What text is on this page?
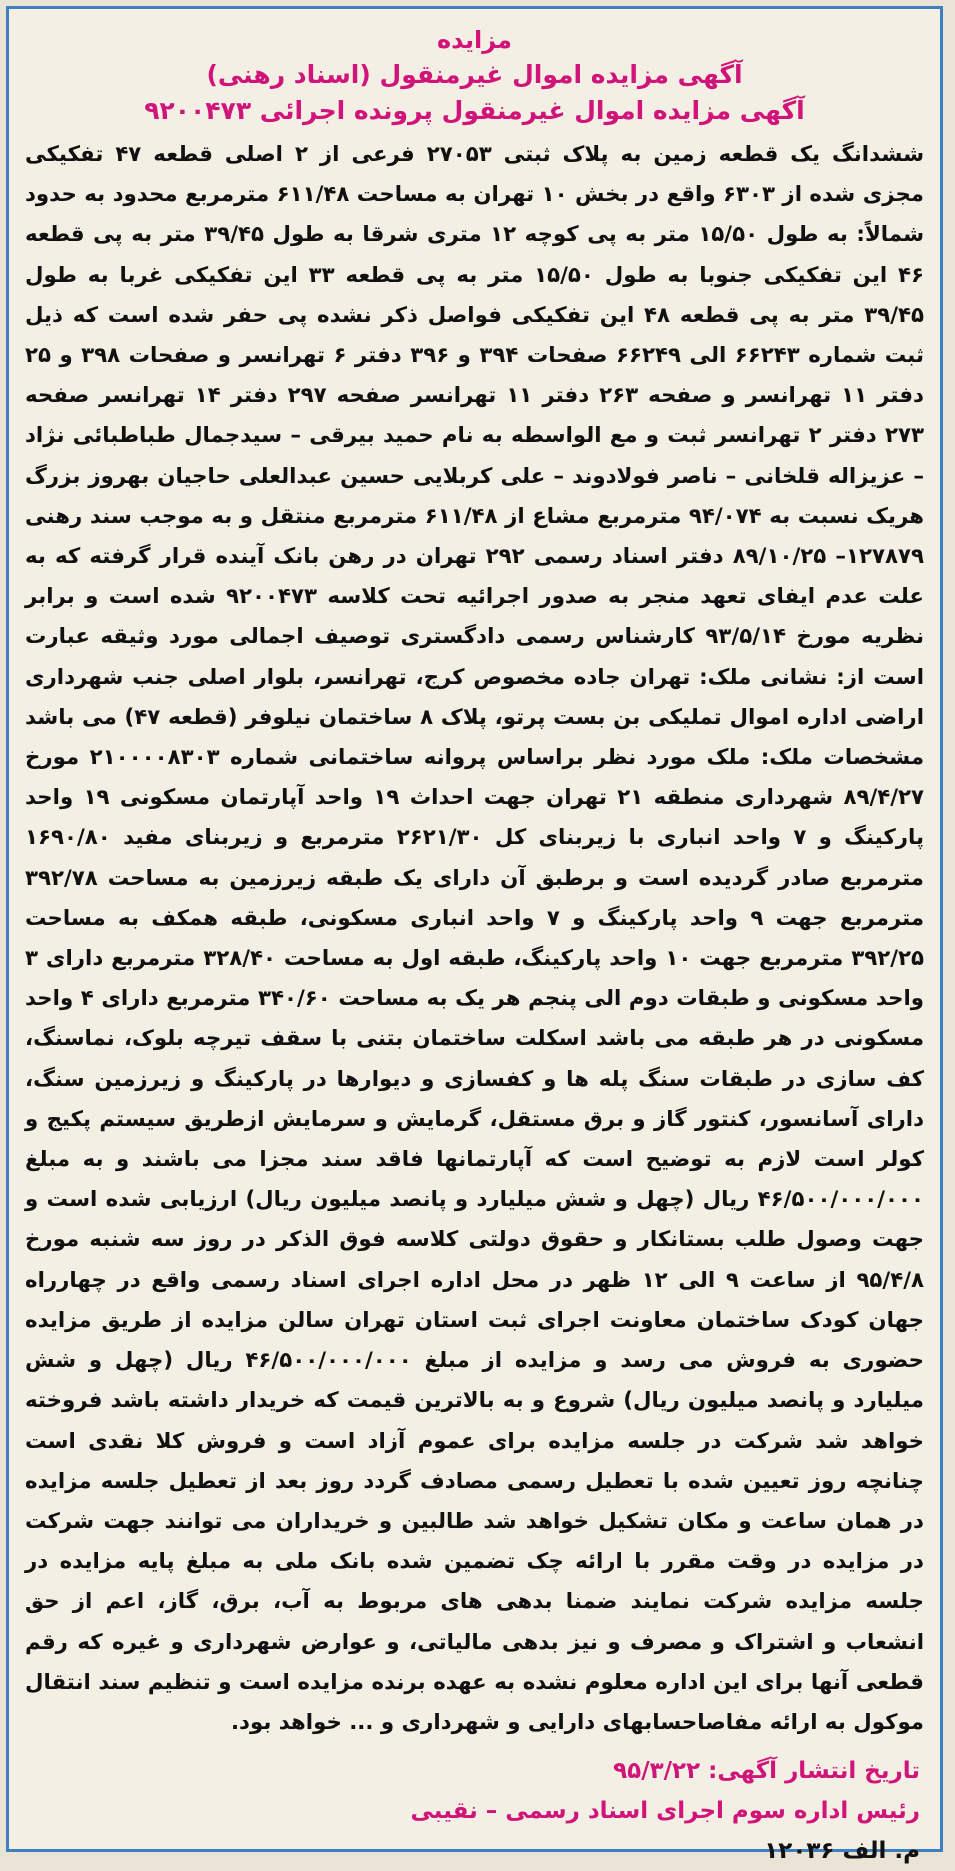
مزایده
آگهی مزایده اموال غیرمنقول (اسناد رهنی)
آگهی مزایده اموال غیرمنقول پرونده اجرائی ۹۲۰۰۴۷۳
ششدانگ یک قطعه زمین به پلاک ثبتی ۲۷۰۵۳ فرعی از ۲ اصلی قطعه ۴۷ تفکیکی مجزی شده از ۶۳۰۳ واقع در بخش ۱۰ تهران به مساحت ۶۱۱/۴۸ مترمربع محدود به حدود شمالاً: به طول ۱۵/۵۰ متر به پی کوچه ۱۲ متری شرقا به طول ۳۹/۴۵ متر به پی قطعه ۴۶ این تفکیکی جنوبا به طول ۱۵/۵۰ متر به پی قطعه ۳۳ این تفکیکی غربا به طول ۳۹/۴۵ متر به پی قطعه ۴۸ این تفکیکی فواصل ذکر نشده پی حفر شده است که ذیل ثبت شماره ۶۶۲۴۳ الی ۶۶۲۴۹ صفحات ۳۹۴ و ۳۹۶ دفتر ۶ تهرانسر و صفحات ۳۹۸ و ۲۵ دفتر ۱۱ تهرانسر و صفحه ۲۶۳ دفتر ۱۱ تهرانسر صفحه ۲۹۷ دفتر ۱۴ تهرانسر صفحه ۲۷۳ دفتر ۲ تهرانسر ثبت و مع الواسطه به نام حمید بیرقی – سیدجمال طباطبائی نژاد – عزیزاله قلخانی – ناصر فولادوند – علی کربلایی حسین عبدالعلی حاجیان بهروز بزرگ هریک نسبت به ۹۴/۰۷۴ مترمربع مشاع از ۶۱۱/۴۸ مترمربع منتقل و به موجب سند رهنی ۱۲۷۸۷۹– ۸۹/۱۰/۲۵ دفتر اسناد رسمی ۲۹۲ تهران در رهن بانک آینده قرار گرفته که به علت عدم ایفای تعهد منجر به صدور اجرائیه تحت کلاسه ۹۲۰۰۴۷۳ شده است و برابر نظریه مورخ ۹۳/۵/۱۴ کارشناس رسمی دادگستری توصیف اجمالی مورد وثیقه عبارت است از: نشانی ملک: تهران جاده مخصوص کرج، تهرانسر، بلوار اصلی جنب شهرداری اراضی اداره اموال تملیکی بن بست پرتو، پلاک ۸ ساختمان نیلوفر (قطعه ۴۷) می باشد مشخصات ملک: ملک مورد نظر براساس پروانه ساختمانی شماره ۲۱۰۰۰۰۸۳۰۳ مورخ ۸۹/۴/۲۷ شهرداری منطقه ۲۱ تهران جهت احداث ۱۹ واحد آپارتمان مسکونی ۱۹ واحد پارکینگ و ۷ واحد انباری با زیربنای کل ۲۶۲۱/۳۰ مترمربع و زیربنای مفید ۱۶۹۰/۸۰ مترمربع صادر گردیده است و برطبق آن دارای یک طبقه زیرزمین به مساحت ۳۹۲/۷۸ مترمربع جهت ۹ واحد پارکینگ و ۷ واحد انباری مسکونی، طبقه همکف به مساحت ۳۹۲/۲۵ مترمربع جهت ۱۰ واحد پارکینگ، طبقه اول به مساحت ۳۲۸/۴۰ مترمربع دارای ۳ واحد مسکونی و طبقات دوم الی پنجم هر یک به مساحت ۳۴۰/۶۰ مترمربع دارای ۴ واحد مسکونی در هر طبقه می باشد اسکلت ساختمان بتنی با سقف تیرچه بلوک، نماسنگ، کف سازی در طبقات سنگ پله ها و کفسازی و دیوارها در پارکینگ و زیرزمین سنگ، دارای آسانسور، کنتور گاز و برق مستقل، گرمایش و سرمایش ازطریق سیستم پکیج و کولر است لازم به توضیح است که آپارتمانها فاقد سند مجزا می باشند و به مبلغ ۴۶/۵۰۰/۰۰۰/۰۰۰ ریال (چهل و شش میلیارد و پانصد میلیون ریال) ارزیابی شده است و جهت وصول طلب بستانکار و حقوق دولتی کلاسه فوق الذکر در روز سه شنبه مورخ ۹۵/۴/۸ از ساعت ۹ الی ۱۲ ظهر در محل اداره اجرای اسناد رسمی واقع در چهارراه جهان کودک ساختمان معاونت اجرای ثبت استان تهران سالن مزایده از طریق مزایده حضوری به فروش می رسد و مزایده از مبلغ ۴۶/۵۰۰/۰۰۰/۰۰۰ ریال (چهل و شش میلیارد و پانصد میلیون ریال) شروع و به بالاترین قیمت که خریدار داشته باشد فروخته خواهد شد شرکت در جلسه مزایده برای عموم آزاد است و فروش کلا نقدی است چنانچه روز تعیین شده با تعطیل رسمی مصادف گردد روز بعد از تعطیل جلسه مزایده در همان ساعت و مکان تشکیل خواهد شد طالبین و خریداران می توانند جهت شرکت در مزایده در وقت مقرر با ارائه چک تضمین شده بانک ملی به مبلغ پایه مزایده در جلسه مزایده شرکت نمایند ضمنا بدهی های مربوط به آب، برق، گاز، اعم از حق انشعاب و اشتراک و مصرف و نیز بدهی مالیاتی، و عوارض شهرداری و غیره که رقم قطعی آنها برای این اداره معلوم نشده به عهده برنده مزایده است و تنظیم سند انتقال موکول به ارائه مفاصاحسابهای دارایی و شهرداری و ... خواهد بود.
تاریخ انتشار آگهی: ۹۵/۳/۲۲
رئیس اداره سوم اجرای اسناد رسمی – نقیبی
م. الف ۱۲۰۳۶
